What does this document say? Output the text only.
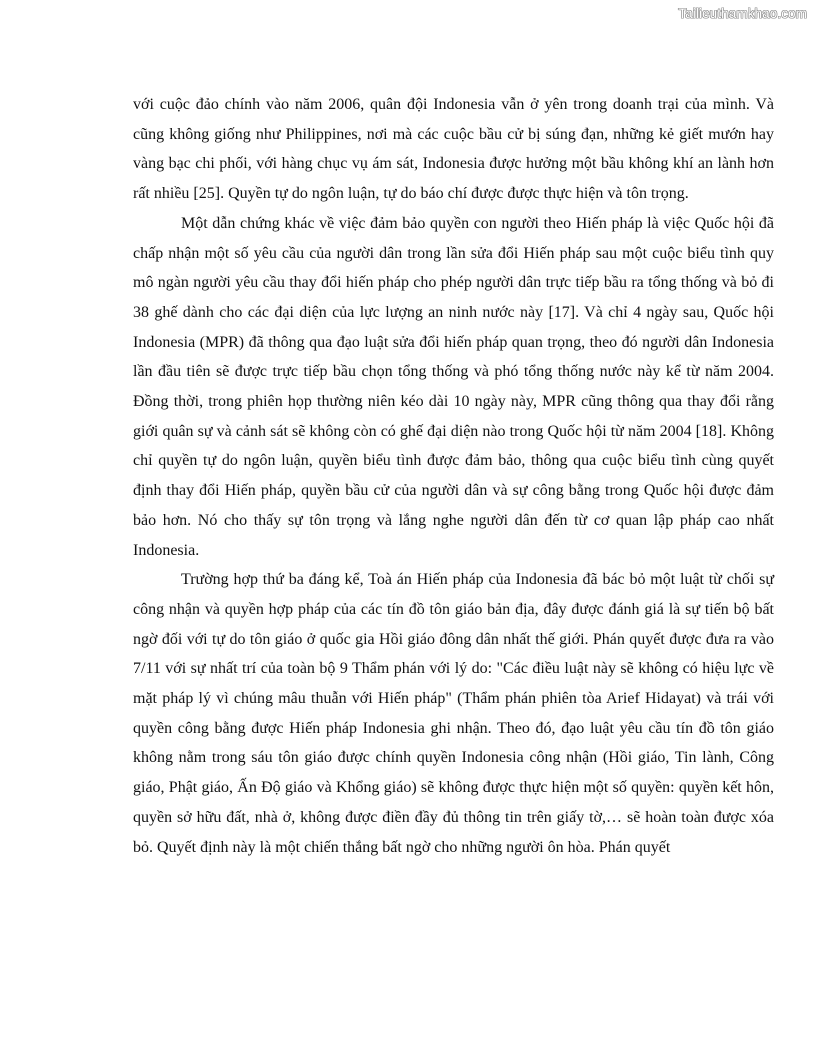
Tailieuthamkhao.com

với cuộc đảo chính vào năm 2006, quân đội Indonesia vẫn ở yên trong doanh trại của mình. Và cũng không giống như Philippines, nơi mà các cuộc bầu cử bị súng đạn, những kẻ giết mướn hay vàng bạc chi phối, với hàng chục vụ ám sát, Indonesia được hưởng một bầu không khí an lành hơn rất nhiều [25]. Quyền tự do ngôn luận, tự do báo chí được được thực hiện và tôn trọng.

Một dẫn chứng khác về việc đảm bảo quyền con người theo Hiến pháp là việc Quốc hội đã chấp nhận một số yêu cầu của người dân trong lần sửa đổi Hiến pháp sau một cuộc biểu tình quy mô ngàn người yêu cầu thay đổi hiến pháp cho phép người dân trực tiếp bầu ra tổng thống và bỏ đi 38 ghế dành cho các đại diện của lực lượng an ninh nước này [17]. Và chỉ 4 ngày sau, Quốc hội Indonesia (MPR) đã thông qua đạo luật sửa đổi hiến pháp quan trọng, theo đó người dân Indonesia lần đầu tiên sẽ được trực tiếp bầu chọn tổng thống và phó tổng thống nước này kể từ năm 2004. Đồng thời, trong phiên họp thường niên kéo dài 10 ngày này, MPR cũng thông qua thay đổi rằng giới quân sự và cảnh sát sẽ không còn có ghế đại diện nào trong Quốc hội từ năm 2004 [18]. Không chỉ quyền tự do ngôn luận, quyền biểu tình được đảm bảo, thông qua cuộc biểu tình cùng quyết định thay đổi Hiến pháp, quyền bầu cử của người dân và sự công bằng trong Quốc hội được đảm bảo hơn. Nó cho thấy sự tôn trọng và lắng nghe người dân đến từ cơ quan lập pháp cao nhất Indonesia.

Trường hợp thứ ba đáng kể, Toà án Hiến pháp của Indonesia đã bác bỏ một luật từ chối sự công nhận và quyền hợp pháp của các tín đồ tôn giáo bản địa, đây được đánh giá là sự tiến bộ bất ngờ đối với tự do tôn giáo ở quốc gia Hồi giáo đông dân nhất thế giới. Phán quyết được đưa ra vào 7/11 với sự nhất trí của toàn bộ 9 Thẩm phán với lý do: "Các điều luật này sẽ không có hiệu lực về mặt pháp lý vì chúng mâu thuẫn với Hiến pháp" (Thẩm phán phiên tòa Arief Hidayat) và trái với quyền công bằng được Hiến pháp Indonesia ghi nhận. Theo đó, đạo luật yêu cầu tín đồ tôn giáo không nằm trong sáu tôn giáo được chính quyền Indonesia công nhận (Hồi giáo, Tin lành, Công giáo, Phật giáo, Ấn Độ giáo và Khổng giáo) sẽ không được thực hiện một số quyền: quyền kết hôn, quyền sở hữu đất, nhà ở, không được điền đầy đủ thông tin trên giấy tờ,… sẽ hoàn toàn được xóa bỏ. Quyết định này là một chiến thắng bất ngờ cho những người ôn hòa. Phán quyết
